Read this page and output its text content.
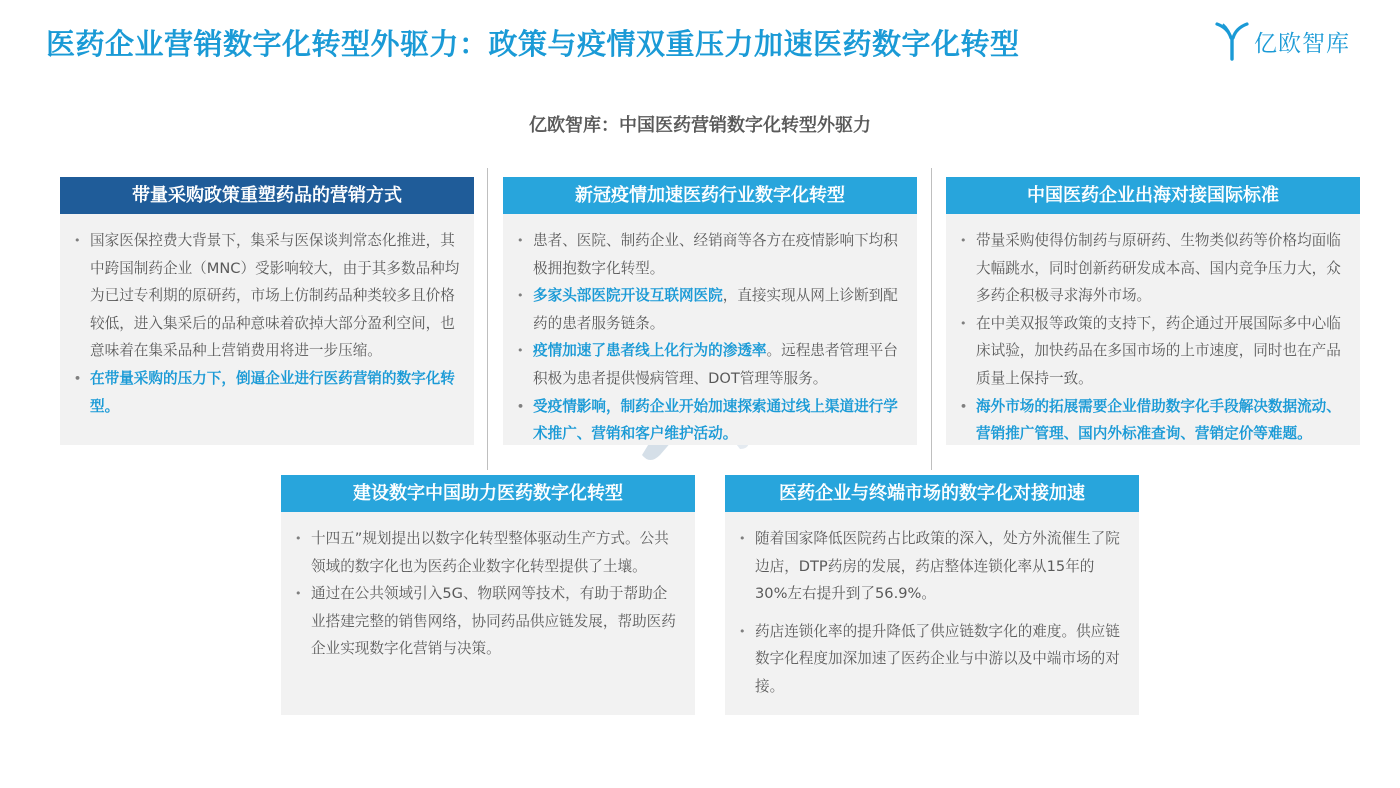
医药企业营销数字化转型外驱力：政策与疫情双重压力加速医药数字化转型	亿欧智库
亿欧智库：中国医药营销数字化转型外驱力
带量采购政策重塑药品的营销方式
• 国家医保控费大背景下，集采与医保谈判常态化推进，其中跨国制药企业（MNC）受影响较大，由于其多数品种均为已过专利期的原研药，市场上仿制药品种类较多且价格较低，进入集采后的品种意味着砍掉大部分盈利空间，也意味着在集采品种上营销费用将进一步压缩。
• 在带量采购的压力下，倒逼企业进行医药营销的数字化转型。
新冠疫情加速医药行业数字化转型
• 患者、医院、制药企业、经销商等各方在疫情影响下均积极拥抱数字化转型。
• 多家头部医院开设互联网医院，直接实现从网上诊断到配药的患者服务链条。
• 疫情加速了患者线上化行为的渗透率。远程患者管理平台积极为患者提供慢病管理、DOT管理等服务。
• 受疫情影响，制药企业开始加速探索通过线上渠道进行学术推广、营销和客户维护活动。
中国医药企业出海对接国际标准
• 带量采购使得仿制药与原研药、生物类似药等价格均面临大幅跳水，同时创新药研发成本高、国内竞争压力大，众多药企积极寻求海外市场。
• 在中美双报等政策的支持下，药企通过开展国际多中心临床试验，加快药品在多国市场的上市速度，同时也在产品质量上保持一致。
• 海外市场的拓展需要企业借助数字化手段解决数据流动、营销推广管理、国内外标准查询、营销定价等难题。
建设数字中国助力医药数字化转型
• 十四五”规划提出以数字化转型整体驱动生产方式。公共领域的数字化也为医药企业数字化转型提供了土壤。
• 通过在公共领域引入5G、物联网等技术，有助于帮助企业搭建完整的销售网络，协同药品供应链发展，帮助医药企业实现数字化营销与决策。
医药企业与终端市场的数字化对接加速
• 随着国家降低医院药占比政策的深入，处方外流催生了院边店，DTP药房的发展，药店整体连锁化率从15年的30%左右提升到了56.9%。
• 药店连锁化率的提升降低了供应链数字化的难度。供应链数字化程度加深加速了医药企业与中游以及中端市场的对接。
